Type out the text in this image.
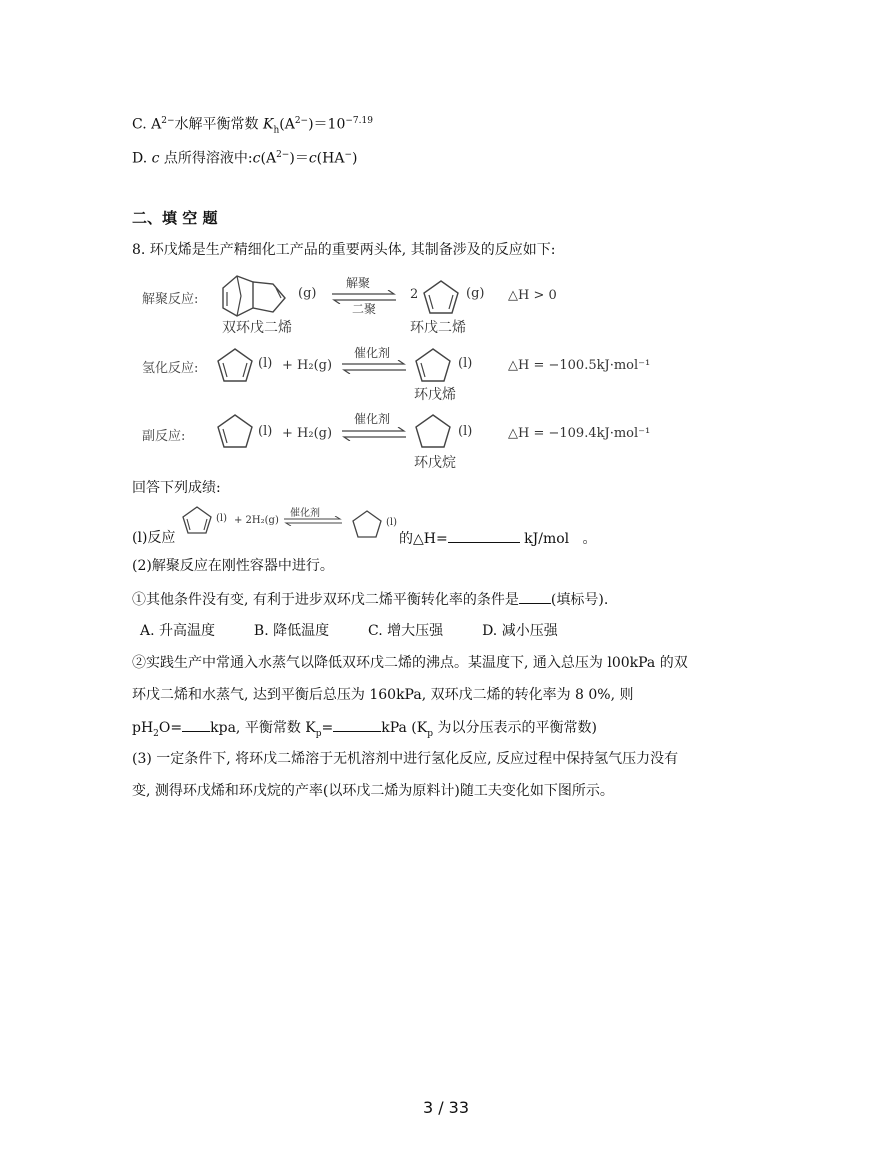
C. $A^{2-}$水解平衡常数 $K_h(A^{2-})=10^{-7.19}$
D. c 点所得溶液中$:c(A^{2-})=c(HA^-)$
二、填 空 题
8. 环戊烯是生产精细化工产品的重要两头体, 其制备涉及的反应如下:
解聚反应:	(g)
双环戊二烯
解聚
二聚
2	(g) △H > 0
环戊二烯
氢化反应:	(l) + H₂(g)
催化剂
(l)	△H = −100.5kJ·mol⁻¹
环戊烯
副反应:	(l) + H₂(g)
催化剂
(l)	△H = −109.4kJ·mol⁻¹
环戊烷
回答下列成绩:
(l)反应
(l) + 2H₂(g)
催化剂
(l)
的△H=	kJ/mol 。
(2)解聚反应在刚性容器中进行。
①其他条件没有变, 有利于进步双环戊二烯平衡转化率的条件是 (填标号).
A. 升高温度	B. 降低温度	C. 增大压强	D. 减小压强
②实践生产中常通入水蒸气以降低双环戊二烯的沸点。某温度下, 通入总压为 l00kPa 的双
环戊二烯和水蒸气, 达到平衡后总压为 160kPa, 双环戊二烯的转化率为 8 0%, 则
$pH_2O=$ kpa, 平衡常数 $K_p=$	kPa ($K_p$ 为以分压表示的平衡常数)
(3) 一定条件下, 将环戊二烯溶于无机溶剂中进行氢化反应, 反应过程中保持氢气压力没有
变, 测得环戊烯和环戊烷的产率(以环戊二烯为原料计)随工夫变化如下图所示。
3 / 33
